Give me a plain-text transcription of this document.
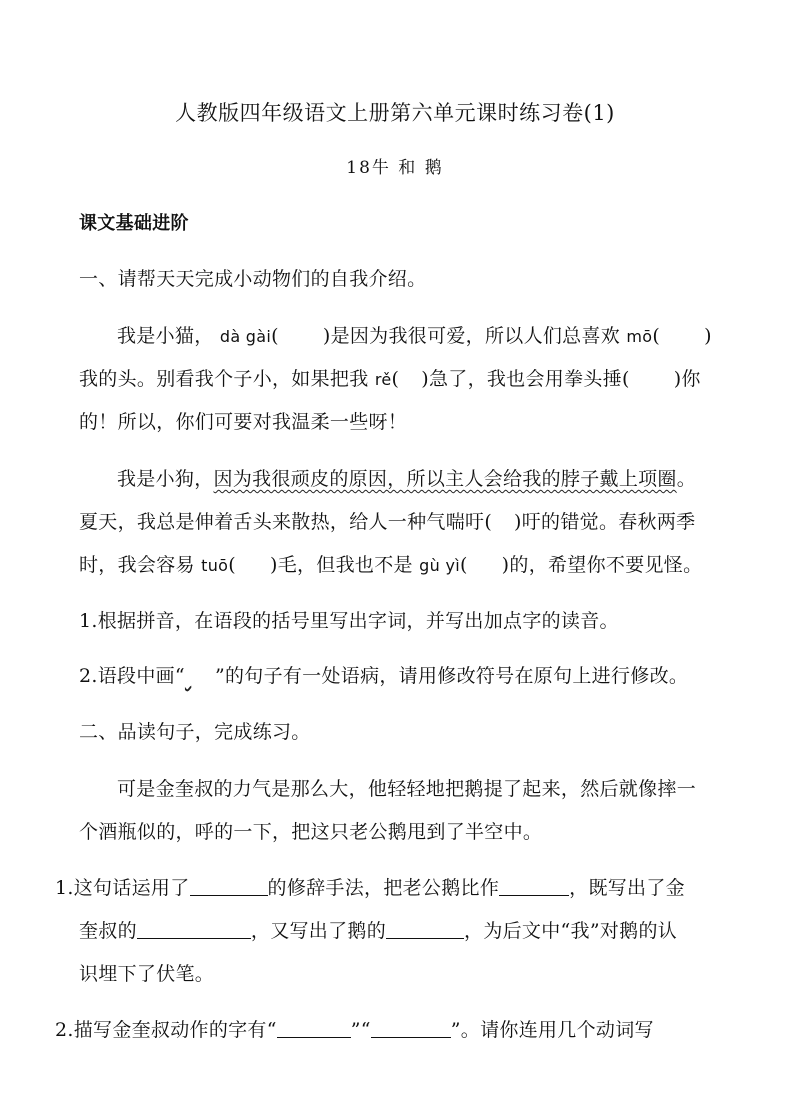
人教版四年级语文上册第六单元课时练习卷(1)
18牛 和 鹅
课文基础进阶
一、请帮天天完成小动物们的自我介绍。
我是小猫， dà gài( )是因为我很可爱，所以人们总喜欢 mō( )
我的头。别看我个子小，如果把我 rě( )急了，我也会用拳头捶( )你
的！所以，你们可要对我温柔一些呀！
我是小狗，因为我很顽皮的原因，所以主人会给我的脖子戴上项圈。
夏天，我总是伸着舌头来散热，给人一种气喘吁( )吁的错觉。春秋两季
时，我会容易 tuō( )毛，但我也不是 gù yì( )的，希望你不要见怪。
1.根据拼音，在语段的括号里写出字词，并写出加点字的读音。
2.语段中画“ ”的句子有一处语病，请用修改符号在原句上进行修改。
二、品读句子，完成练习。
可是金奎叔的力气是那么大，他轻轻地把鹅提了起来，然后就像摔一
个酒瓶似的，呼的一下，把这只老公鹅甩到了半空中。
1.这句话运用了	的修辞手法，把老公鹅比作	，既写出了金
奎叔的	，又写出了鹅的	，为后文中“我”对鹅的认
识埋下了伏笔。
2.描写金奎叔动作的字有“	”“	”。请你连用几个动词写
